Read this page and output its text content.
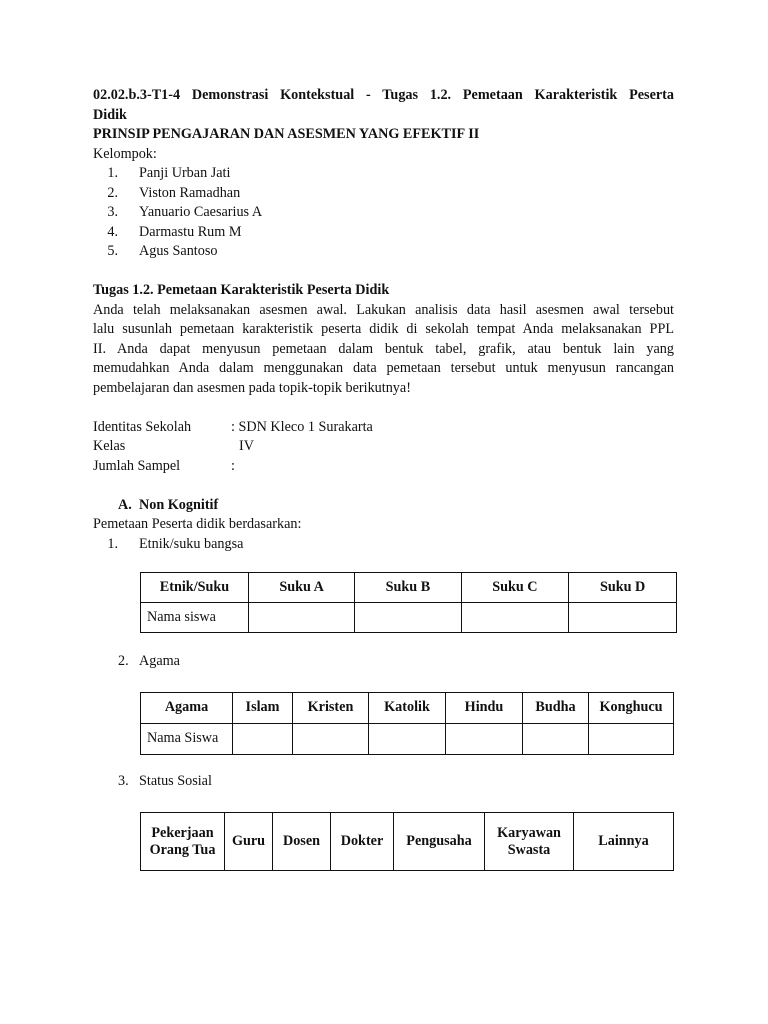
02.02.b.3-T1-4 Demonstrasi Kontekstual - Tugas 1.2. Pemetaan Karakteristik Peserta
Didik
PRINSIP PENGAJARAN DAN ASESMEN YANG EFEKTIF II
Kelompok:
1.	Panji Urban Jati
2.	Viston Ramadhan
3.	Yanuario Caesarius A
4.	Darmastu Rum M
5.	Agus Santoso
Tugas 1.2. Pemetaan Karakteristik Peserta Didik
Anda telah melaksanakan asesmen awal. Lakukan analisis data hasil asesmen awal tersebut
lalu susunlah pemetaan karakteristik peserta didik di sekolah tempat Anda melaksanakan PPL
II. Anda dapat menyusun pemetaan dalam bentuk tabel, grafik, atau bentuk lain yang
memudahkan Anda dalam menggunakan data pemetaan tersebut untuk menyusun rancangan
pembelajaran dan asesmen pada topik-topik berikutnya!
Identitas Sekolah	: SDN Kleco 1 Surakarta
Kelas	IV
Jumlah Sampel	:
A. Non Kognitif
Pemetaan Peserta didik berdasarkan:
1.	Etnik/suku bangsa
Etnik/Suku	Suku A	Suku B	Suku C	Suku D
Nama siswa				
2. Agama
Agama	Islam	Kristen	Katolik	Hindu	Budha	Konghucu
Nama Siswa						
3. Status Sosial
Pekerjaan Orang Tua	Guru	Dosen	Dokter	Pengusaha	Karyawan Swasta	Lainnya
